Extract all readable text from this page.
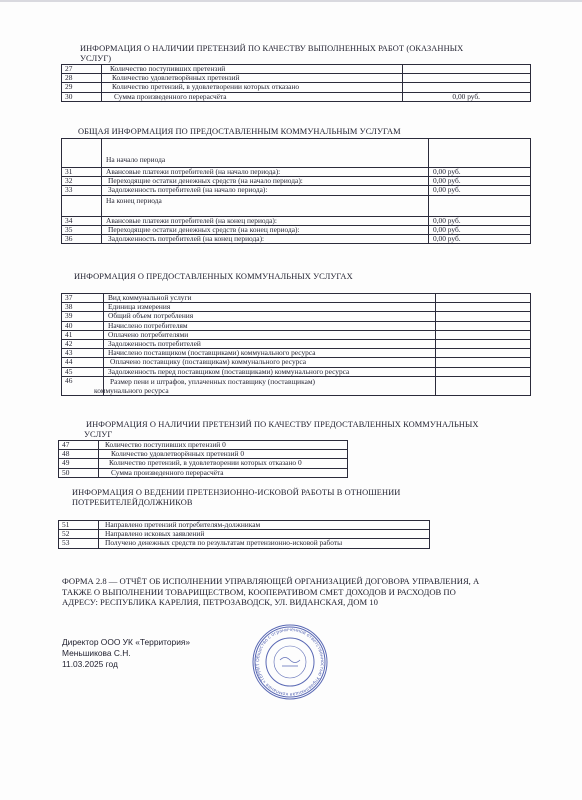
ИНФОРМАЦИЯ О НАЛИЧИИ ПРЕТЕНЗИЙ ПО КАЧЕСТВУ ВЫПОЛНЕННЫХ РАБОТ (ОКАЗАННЫХ
УСЛУГ)
27	Количество поступивших претензий	
28	Количество удовлетворённых претензий	
29	Количество претензий, в удовлетворении которых отказано	
30	Сумма произведенного перерасчёта	0,00 руб.
ОБЩАЯ ИНФОРМАЦИЯ ПО ПРЕДОСТАВЛЕННЫМ КОММУНАЛЬНЫМ УСЛУГАМ
	На начало периода	
31	Авансовые платежи потребителей (на начало периода):	0,00 руб.
32	Переходящие остатки денежных средств (на начало периода):	0,00 руб.
33	Задолженность потребителей (на начало периода):	0,00 руб.
	На конец периода	
34	Авансовые платежи потребителей (на конец периода):	0,00 руб.
35	Переходящие остатки денежных средств (на конец периода):	0,00 руб.
36	Задолженность потребителей (на конец периода):	0,00 руб.
ИНФОРМАЦИЯ О ПРЕДОСТАВЛЕННЫХ КОММУНАЛЬНЫХ УСЛУГАХ
37	Вид коммунальной услуги	
38	Единица измерения	
39	Общий объем потребления	
40	Начислено потребителям	
41	Оплачено потребителями	
42	Задолженность потребителей	
43	Начислено поставщиком (поставщиками) коммунального ресурса	
44	Оплачено поставщику (поставщикам) коммунального ресурса	
45	Задолженность перед поставщиком (поставщиками) коммунального ресурса	
46	Размер пени и штрафов, уплаченных поставщику (поставщикам)
коммунального ресурса	

ИНФОРМАЦИЯ О НАЛИЧИИ ПРЕТЕНЗИЙ ПО КАЧЕСТВУ ПРЕДОСТАВЛЕННЫХ КОММУНАЛЬНЫХ
УСЛУГ
47	Количество поступивших претензий 0
48	Количество удовлетворённых претензий 0
49	Количество претензий, в удовлетворении которых отказано 0
50	Сумма произведенного перерасчёта
ИНФОРМАЦИЯ О ВЕДЕНИИ ПРЕТЕНЗИОННО-ИСКОВОЙ РАБОТЫ В ОТНОШЕНИИ
ПОТРЕБИТЕЛЕЙДОЛЖНИКОВ
51	Направлено претензий потребителям-должникам
52	Направлено исковых заявлений
53	Получено денежных средств по результатам претензионно-исковой работы
ФОРМА 2.8 — ОТЧЁТ ОБ ИСПОЛНЕНИИ УПРАВЛЯЮЩЕЙ ОРГАНИЗАЦИЕЙ ДОГОВОРА УПРАВЛЕНИЯ, А
ТАКЖЕ О ВЫПОЛНЕНИИ ТОВАРИЩЕСТВОМ, КООПЕРАТИВОМ СМЕТ ДОХОДОВ И РАСХОДОВ ПО
АДРЕСУ: РЕСПУБЛИКА КАРЕЛИЯ, ПЕТРОЗАВОДСК, УЛ. ВИДАНСКАЯ, ДОМ 10
Директор ООО УК «Территория»
Меньшикова С.Н.
11.03.2025 год	Общество с ограниченной ответственностью Управляющая компания «ТЕРРИТ
